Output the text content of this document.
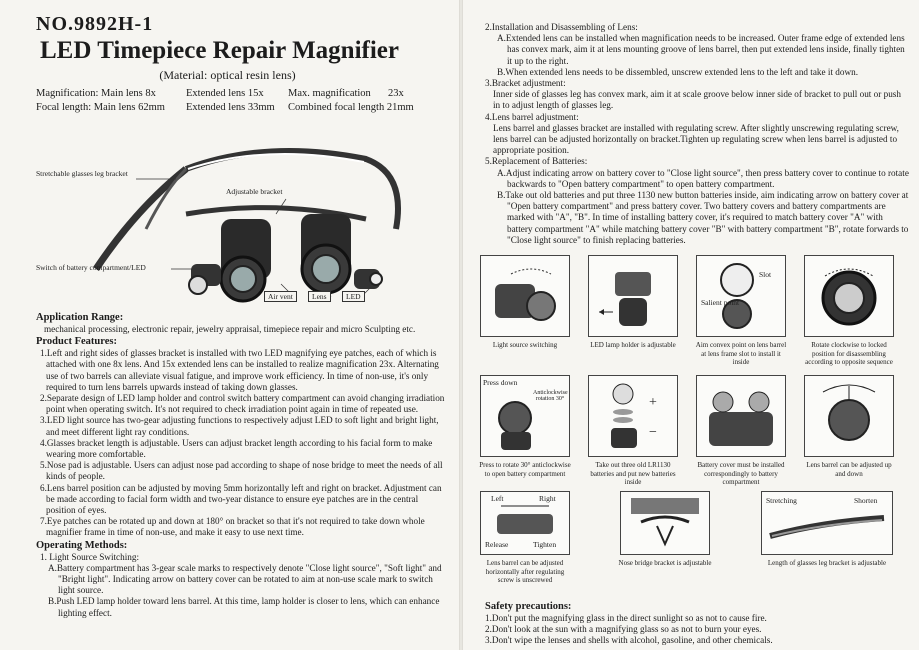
NO.9892H-1
LED Timepiece Repair Magnifier
(Material: optical resin lens)
Magnification: Main lens 8x	Extended lens 15x	Max. magnification	23x
Focal length: Main lens 62mm	Extended lens 33mm	Combined focal length 21mm
Stretchable glasses leg bracket
Adjustable bracket
Switch of battery compartment/LED
Air vent	Lens	LED
Application Range:

mechanical processing, electronic repair, jewelry appraisal, timepiece repair and micro Sculpting etc.

Product Features:

1.Left and right sides of glasses bracket is installed with two LED magnifying eye patches, each of which is attached with one 8x lens. And 15x extended lens can be installed to realize magnification 23x. Alternating use of two barrels can alleviate visual fatigue, and improve work efficiency. In time of non-use, it's only required to turn lens barrels upwards instead of taking down glasses.

2.Separate design of LED lamp holder and control switch battery compartment can avoid changing irradiation point when operating switch. It's not required to check irradiation point again in time of repeated use.

3.LED light source has two-gear adjusting functions to respectively adjust LED to soft light and bright light, and meet different light ray conditions.

4.Glasses bracket length is adjustable. Users can adjust bracket length according to his facial form to make wearing more comfortable.

5.Nose pad is adjustable. Users can adjust nose pad according to shape of nose bridge to meet the needs of all kinds of people.

6.Lens barrel position can be adjusted by moving 5mm horizontally left and right on bracket. Adjustment can be made according to facial form width and two-year distance to ensure eye patches are in the central position of eyes.

7.Eye patches can be rotated up and down at 180° on bracket so that it's not required to take down whole magnifier frame in time of non-use, and make it easy to use next time.

Operating Methods:

1. Light Source Switching:

A.Battery compartment has 3-gear scale marks to respectively denote "Close light source", "Soft light" and "Bright light". Indicating arrow on battery cover can be rotated to aim at non-use scale mark to switch light source.

B.Push LED lamp holder toward lens barrel. At this time, lamp holder is closer to lens, which can enhance lighting effect.

2.Installation and Disassembling of Lens:

A.Extended lens can be installed when magnification needs to be increased. Outer frame edge of extended lens has convex mark, aim it at lens mounting groove of lens barrel, then put extended lens inside, finally tighten it up to the right.

B.When extended lens needs to be dissembled, unscrew extended lens to the left and take it down.

3.Bracket adjustment:

Inner side of glasses leg has convex mark, aim it at scale groove below inner side of bracket to pull out or push in to adjust length of glasses leg.

4.Lens barrel adjustment:

Lens barrel and glasses bracket are installed with regulating screw. After slightly unscrewing regulating screw, lens barrel can be adjusted horizontally on bracket.Tighten up regulating screw when lens barrel is adjusted to appropriate position.

5.Replacement of Batteries:

A.Adjust indicating arrow on battery cover to "Close light source", then press battery cover to continue to rotate backwards to "Open battery compartment" to open battery compartment.

B.Take out old batteries and put three 1130 new button batteries inside, aim indicating arrow on battery cover at "Open battery compartment" and press battery cover. Two battery covers and battery compartments are marked with "A", "B". In time of installing battery cover, it's required to match battery cover "A" with battery compartment "A" while matching battery cover "B" with battery compartment "B", rotate forwards to "Close light source" to finish replacing batteries.

Light source switching	LED lamp holder is adjustable
Salient point
Slot
Aim convex point on lens barrel at lens frame slot to install it inside
Rotate clockwise to locked position for disassembling according to opposite sequence
Press down
Anticlockwise rotation 30°
Press to rotate 30° anticlockwise to open battery compartment
+
−
Take out three old LR1130 batteries and put new batteries inside
Battery cover must be installed correspondingly to battery compartment
Lens barrel can be adjusted up and down
Left	Right
Release	Tighten
Lens barrel can be adjusted horizontally after regulating screw is unscrewed
Nose bridge bracket is adjustable
Stretching	Shorten
Length of glasses leg bracket is adjustable
Safety precautions:

1.Don't put the magnifying glass in the direct sunlight so as not to cause fire.

2.Don't look at the sun with a magnifying glass so as not to burn your eyes.

3.Don't wipe the lenses and shells with alcohol, gasoline, and other chemicals.
